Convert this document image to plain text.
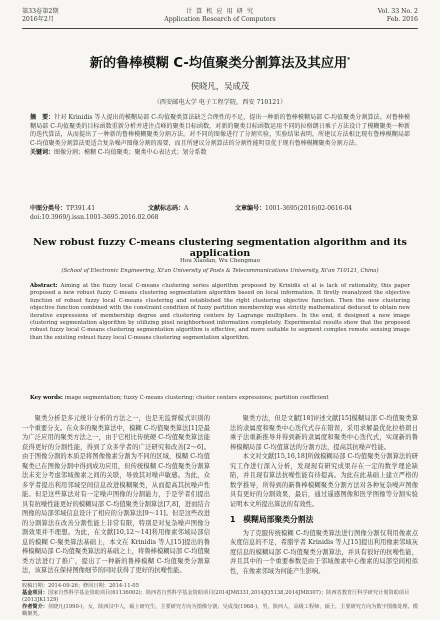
第33卷第2期
2016年2月
计 算 机 应 用 研 究
Application Research of Computers
Vol. 33 No. 2
Feb. 2016
新的鲁棒模糊 C-均值聚类分割算法及其应用*
侯晓凡，吴成茂
（西安邮电大学 电子工程学院，西安 710121）
摘　要：针对 Krinidis 等人提出的模糊局部 C-均值聚类算法缺乏合理性的不足，提出一种新的鲁棒模糊局部 C-均值聚类分割算法。对鲁棒模糊局部 C-均值聚类的目标函数重新分析并进注点峰的聚类目标函数，对新的聚类目标函数运用不同的拉格朗日乘子方法设计了模糊聚类一种新的迭代算法，从而提出了一种新的鲁棒模糊聚类分割方法。对不同的图像进行了分割实验，实验结果表明，所建议方法相比现有鲁棒模糊局部 C-均值聚类分割算法更适合复杂噪声图像分割的需要，而且所建议分割算法的分割性能明显优于现有鲁棒模糊聚类分割方法。
关键词：图像分割；模糊 C-均值聚类；聚类中心表达式；划分系数
中图分类号：TP391.41	文献标志码：A	文章编号：1001-3695(2016)02-0616-04
doi:10.3969/j.issn.1001-3695.2016.02.068
New robust fuzzy C-means clustering segmentation algorithm and its application
Hou Xiaofan, Wu Chengmao
(School of Electronic Engineering, Xi'an University of Posts & Telecommunications University, Xi'an 710121, China)
Abstract: Aiming at the fuzzy local C-means clustering series algorithm proposed by Krinidis et al is lack of rationality, this paper proposed a new robust fuzzy C-means clustering segmentation algorithm based on local information. It firstly reanalyzed the objective function of robust fuzzy local C-means clustering and established the right clustering objective function. Then the new clustering objective function combined with the constraint condition of fuzzy partition membership was strictly mathematical deduced to obtain new iterative expressions of membership degree and clustering centers by Lagrange multipliers. In the end, it designed a new image clustering segmentation algorithm by utilizing pixel neighborhood information completely. Experimental results show that the proposed robust fuzzy local C-means clustering segmentation algorithm is effective, and more suitable to segment complex remote sensing image than the existing robust fuzzy local C-means clustering segmentation algorithm.
Key words: image segmentation; fuzzy C-means clustering; cluster centers expressions; partition coefficient

聚类分析是多元统计分析的方法之一，也是无监督模式识别的一个重要分支。在众多的聚类算法中，模糊 C-均值聚类算法[1]是最为广泛应用的聚类方法之一，由于它相比传统硬 C-均值聚类算法能获得更好的分割性能，得到了众多学者的广泛研究和改善[2～6]。由于图像分割的本质是将图像像素分割为不同的区域，模糊 C-均值聚类已在图像分割中得到成功应用，但传统模糊 C-均值聚类分割算法未充分考虑邻域像素之间的关联，导致其对噪声敏感。为此，众多学者提出利用邻域空间信息改进模糊聚类，从而提高其抗噪声性能。但是这些算法对有一定噪声图像的分割能力，于是学者们提出具有抗噪性能更好的模糊局部 C-均值聚类分割算法[7,8]，进而结合图像的局部邻域信息设计了相应的分割算法[9～11]。但是这些改进的分割算法在改善分割性能上非常有限，特别是对复杂噪声图像分割效果并不理想。为此，在文献[10,12～14]利用像素邻域局部信息的模糊 C-聚类算法基础上，本文在 Krinidis 等人[15]提出的鲁棒模糊局部 C-均值聚类算法的基础之上，将鲁棒模糊局部 C-均值聚类方法进行了推广，提出了一种新的鲁棒模糊 C-均值聚类分割算法，该算法在保持图像细节的同时获得了更好的抗噪性能。

聚类方法，但是文献[18]评述文献[15]模糊局部 C-均值聚类算法的隶属度和聚类中心迭代式存在错误，采用求解最优化拉格朗日乘子法重新推导并得到新的隶属度和聚类中心迭代式，实现新的鲁棒模糊局部 C-均值算法的分割方法，提高其抗噪声性能。

本文对文献[15,16,18]所做模糊局部 C-均值聚类分割算法的研究工作进行深入分析，发现现有研究成果存在一定的数学理论缺陷，并且现有算法抗噪性能有待提高。为此在此基础上建立严格的数学推导，所得到的新鲁棒模糊聚类分割方法对各种复杂噪声图像具有更好的分割效果，最后，通过遥感图像和医学图像等分割实验证明本文所提出算法的有效性。

1　模糊局部聚类分割法

为了克服传统模糊 C-均值聚类算法进行图像分割仅利用像素点灰度信息的不足，希腊学者 Krinidis 等人[15]提出利用像素邻域灰度信息的模糊局部 C-均值聚类分割算法，并具有很好的抗噪性能，并且其中的一个重要参数是由于邻域像素中心像素的局部空间相似性，在像素邻域为何能产生影响。

收稿日期：2014-09-26；修回日期：2014-11-05
基金项目：国家自然科学基金资助项目(61136002)；陕西省自然科学基金资助项目(2014JM8331,2014JQ5138,2014JM8307)；陕西省教育厅科学研究计划资助项目(2013JK1129)
作者简介：侯晓凡(1990-)，女，陕西汉中人，硕士研究生，主要研究方向为图像分割；吴成茂(1968-)，男，陕西人，高级工程师，硕士，主要研究方向为数字图像处理、模糊聚类。
